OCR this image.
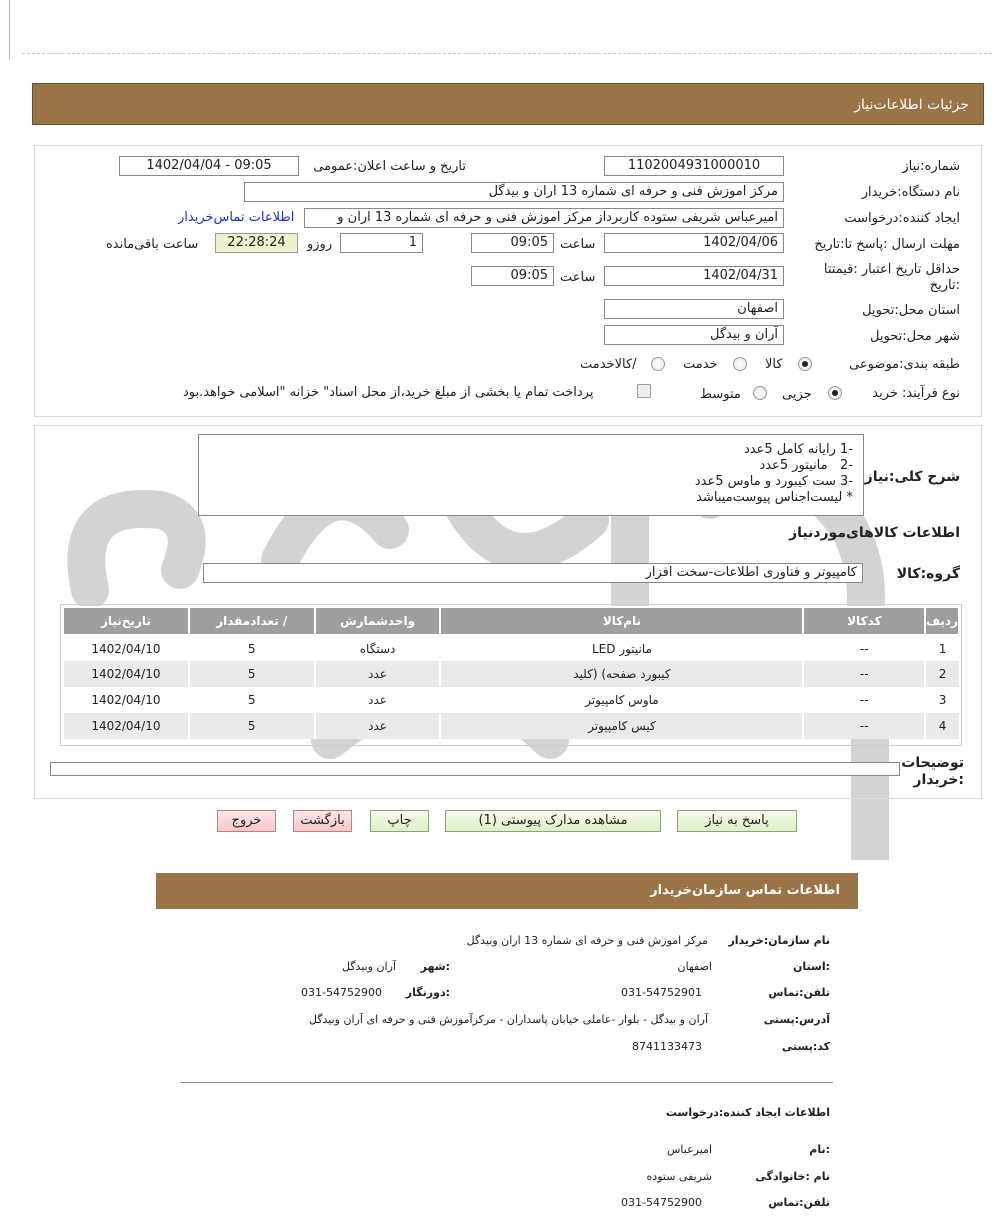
جزئیات اطلاعات‌نیاز
شماره:نیاز
1102004931000010
تاریخ و ساعت اعلان:عمومی
1402/04/04 - 09:05
نام دستگاه:خریدار
مرکز اموزش فنی و حرفه ای شماره 13 اران و بیدگل
ایجاد کننده:درخواست
امیرعباس شریفی ستوده کاربرداز مرکز اموزش فنی و حرفه ای شماره 13 اران و
اطلاعات تماس‌خریدار
مهلت ارسال :پاسخ تا:تاریخ
1402/04/06
ساعت
09:05
1
روزو
22:28:24
ساعت باقی‌مانده
حداقل تاریخ اعتبار :قیمتتا
:تاریخ
1402/04/31
ساعت
09:05
استان محل:تحویل
اصفهان
شهر محل:تحویل
آران و بیدگل
طبقه بندی:موضوعی
کالا
خدمت
/کالاخدمت
نوع فرآیند: خرید
جزیی
متوسط
پرداخت تمام یا بخشی از مبلغ خرید،از محل اسناد" خزانه "اسلامی خواهد.بود
شرح کلی:نیاز
-1 رایانه کامل 5عدد
-2   مانیتور 5عدد
-3 ست کیبورد و ماوس 5عدد
* لیست‌اجناس پیوست‌میباشد
اطلاعات کالاهای‌موردنیاز
گروه:کالا
کامپیوتر و فناوری اطلاعات-سخت افزار
ردیف	کدکالا	نام‌کالا	واحدشمارش	/ تعدادمقدار	تاریخ‌نیاز
1	--	مانیتور LED	دستگاه	5	1402/04/10
2	--	کیبورد صفحه) (کلید	عدد	5	1402/04/10
3	--	ماوس کامپیوتر	عدد	5	1402/04/10
4	--	کیس کامپیوتر	عدد	5	1402/04/10
توضیحات
:خریدار
پاسخ به نیاز
مشاهده مدارک پیوستی (1)
چاپ
بازگشت
خروج
اطلاعات تماس سازمان‌خریدار
نام سازمان:خریدار
مرکز اموزش فنی و حرفه ای شماره 13 اران وبیدگل
:استان
اصفهان
:شهر
آران وبیدگل
تلفن:تماس
031-54752901
:دورنگار
031-54752900
آدرس:پستی
آران و بیدگل - بلوار -عاملی خیابان پاسداران - مرکزآموزش فنی و حرفه ای آران وبیدگل
کد:پستی
8741133473
اطلاعات ایجاد کننده:درخواست
:نام
امیرعباس
نام :خانوادگی
شریفی ستوده
تلفن:تماس
031-54752900
